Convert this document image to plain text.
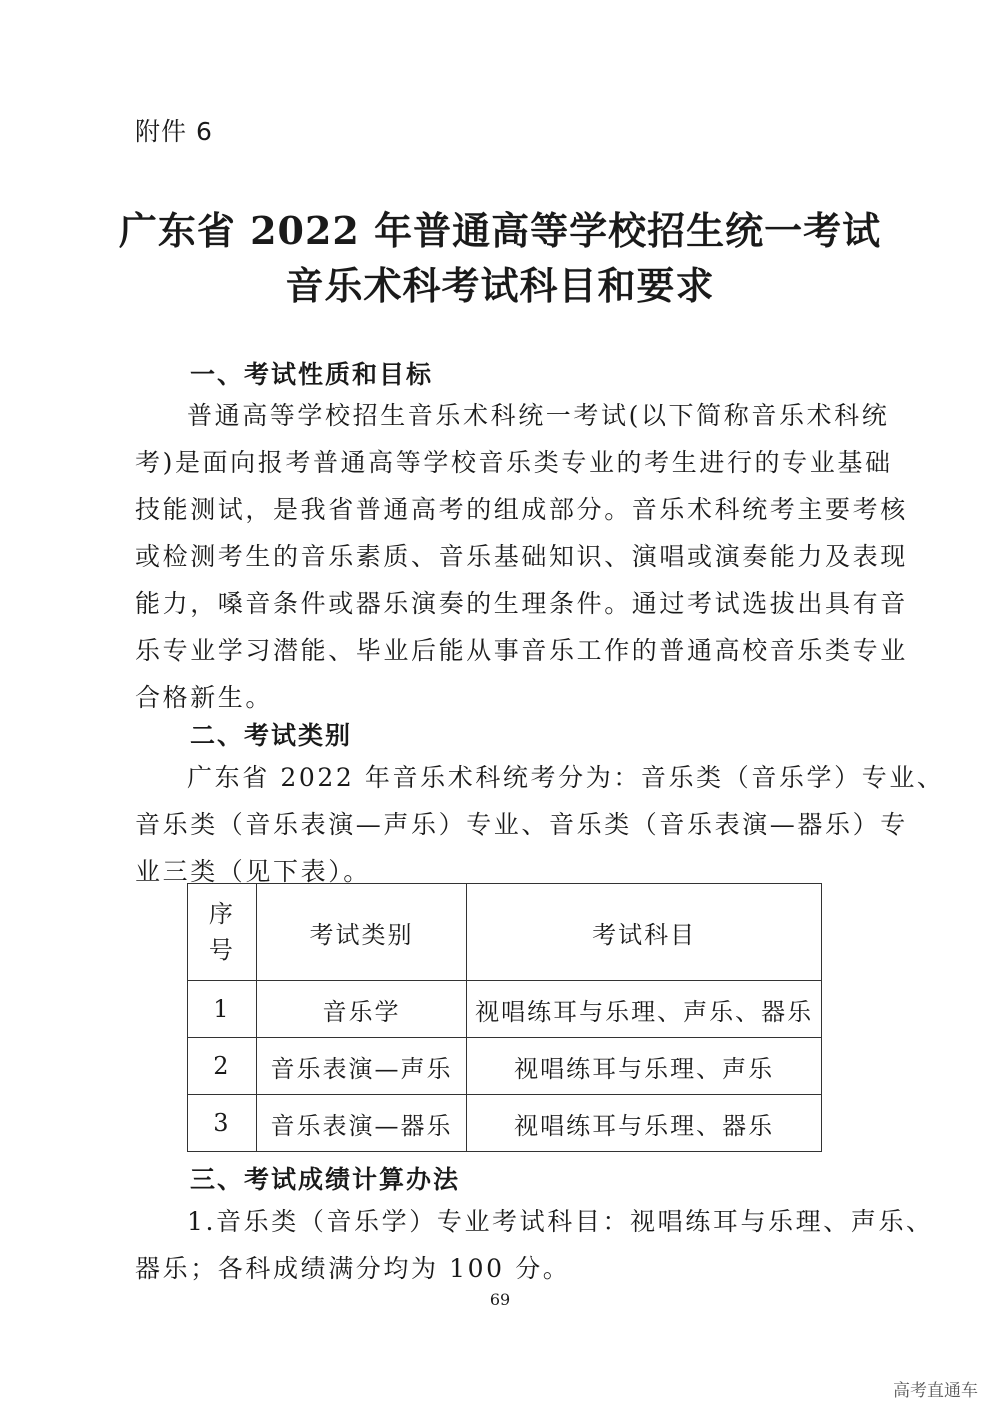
附件 6
广东省 2022 年普通高等学校招生统一考试
音乐术科考试科目和要求
一、考试性质和目标
普通高等学校招生音乐术科统一考试(以下简称音乐术科统
考)是面向报考普通高等学校音乐类专业的考生进行的专业基础
技能测试，是我省普通高考的组成部分。音乐术科统考主要考核
或检测考生的音乐素质、音乐基础知识、演唱或演奏能力及表现
能力，嗓音条件或器乐演奏的生理条件。通过考试选拔出具有音
乐专业学习潜能、毕业后能从事音乐工作的普通高校音乐类专业
合格新生。
二、考试类别
广东省 2022 年音乐术科统考分为：音乐类（音乐学）专业、
音乐类（音乐表演—声乐）专业、音乐类（音乐表演—器乐）专
业三类（见下表）。
序
号	考试类别	考试科目
1	音乐学	视唱练耳与乐理、声乐、器乐
2	音乐表演—声乐	视唱练耳与乐理、声乐
3	音乐表演—器乐	视唱练耳与乐理、器乐
三、考试成绩计算办法
1.音乐类（音乐学）专业考试科目：视唱练耳与乐理、声乐、
器乐；各科成绩满分均为 100 分。
69
高考直通车
